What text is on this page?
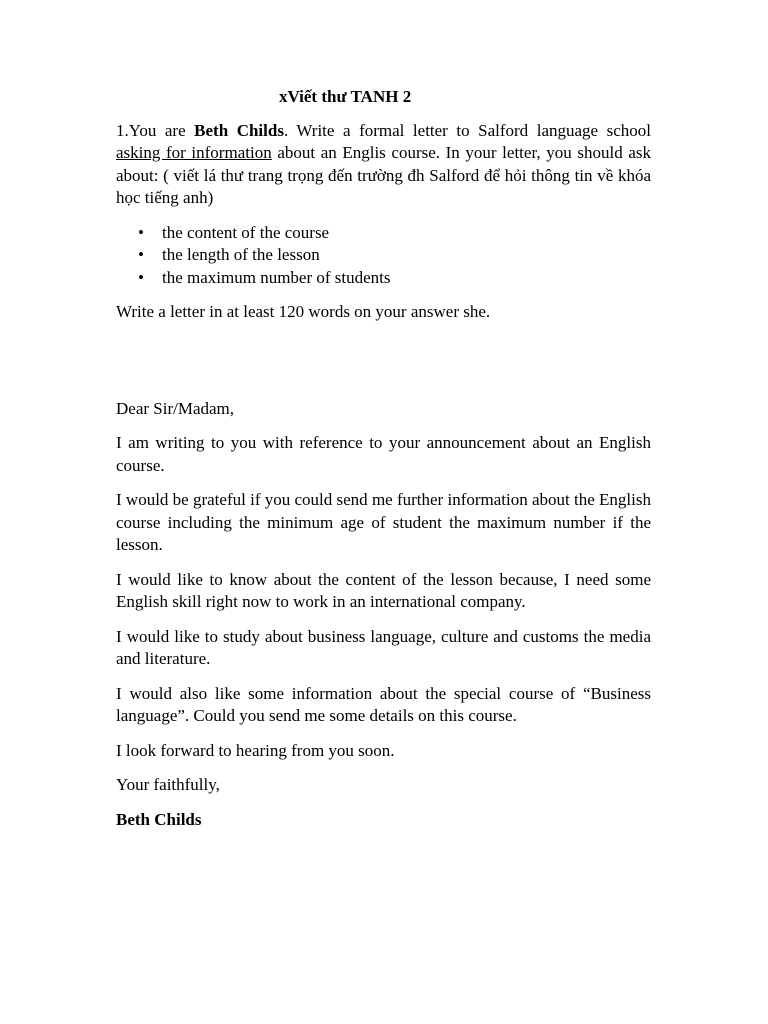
xViết thư TANH 2

1.You are Beth Childs. Write a formal letter to Salford language school asking for information about an Englis course. In your letter, you should ask about: ( viết lá thư trang trọng đến trường đh Salford để hỏi thông tin về khóa học tiếng anh)

• the content of the course
• the length of the lesson
• the maximum number of students

Write a letter in at least 120 words on your answer she.

Dear Sir/Madam,

I am writing to you with reference to your announcement about an English course.

I would be grateful if you could send me further information about the English course including the minimum age of student the maximum number if the lesson.

I would like to know about the content of the lesson because, I need some English skill right now to work in an international company.

I would like to study about business language, culture and customs the media and literature.

I would also like some information about the special course of “Business language”. Could you send me some details on this course.

I look forward to hearing from you soon.

Your faithfully,

Beth Childs
